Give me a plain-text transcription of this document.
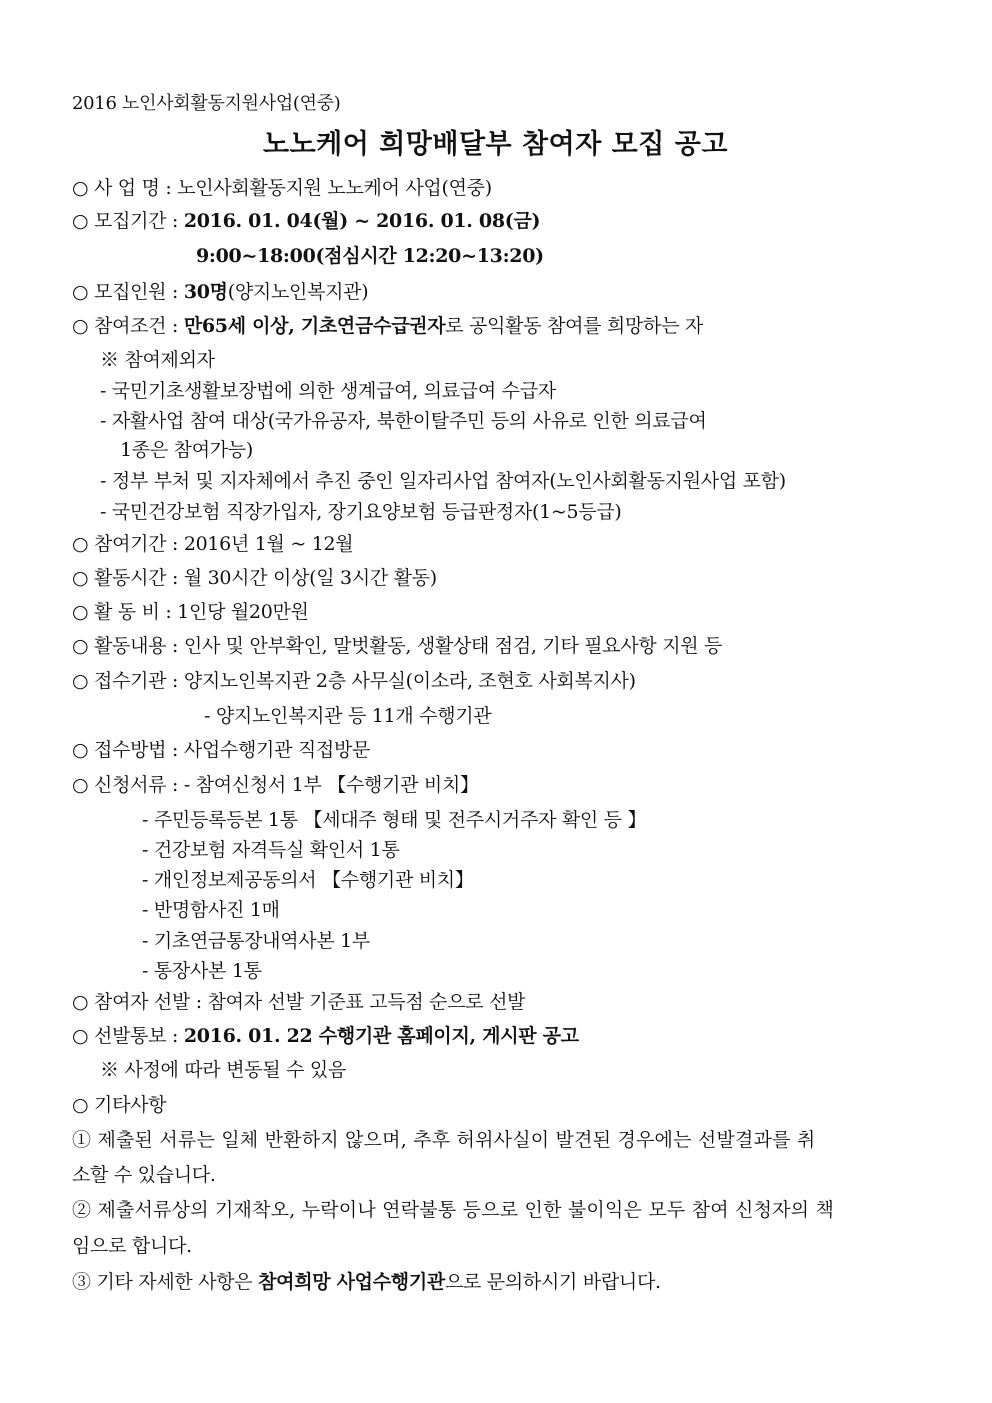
2016 노인사회활동지원사업(연중)
노노케어 희망배달부 참여자 모집 공고
○ 사 업 명 : 노인사회활동지원 노노케어 사업(연중)
○ 모집기간 : 2016. 01. 04(월) ~ 2016. 01. 08(금)
9:00~18:00(점심시간 12:20~13:20)
○ 모집인원 : 30명(양지노인복지관)
○ 참여조건 : 만65세 이상, 기초연금수급권자로 공익활동 참여를 희망하는 자
※ 참여제외자
- 국민기초생활보장법에 의한 생계급여, 의료급여 수급자
- 자활사업 참여 대상(국가유공자, 북한이탈주민 등의 사유로 인한 의료급여
1종은 참여가능)
- 정부 부처 및 지자체에서 추진 중인 일자리사업 참여자(노인사회활동지원사업 포함)
- 국민건강보험 직장가입자, 장기요양보험 등급판정자(1~5등급)
○ 참여기간 : 2016년 1월 ~ 12월
○ 활동시간 : 월 30시간 이상(일 3시간 활동)
○ 활 동 비 : 1인당 월20만원
○ 활동내용 : 인사 및 안부확인, 말벗활동, 생활상태 점검, 기타 필요사항 지원 등
○ 접수기관 : 양지노인복지관 2층 사무실(이소라, 조현호 사회복지사)
- 양지노인복지관 등 11개 수행기관
○ 접수방법 : 사업수행기관 직접방문
○ 신청서류 : - 참여신청서 1부 【수행기관 비치】
- 주민등록등본 1통 【세대주 형태 및 전주시거주자 확인 등 】
- 건강보험 자격득실 확인서 1통
- 개인정보제공동의서 【수행기관 비치】
- 반명함사진 1매
- 기초연금통장내역사본 1부
- 통장사본 1통
○ 참여자 선발 : 참여자 선발 기준표 고득점 순으로 선발
○ 선발통보 : 2016. 01. 22 수행기관 홈페이지, 게시판 공고
※ 사정에 따라 변동될 수 있음
○ 기타사항
① 제출된 서류는 일체 반환하지 않으며, 추후 허위사실이 발견된 경우에는 선발결과를 취
소할 수 있습니다.
② 제출서류상의 기재착오, 누락이나 연락불통 등으로 인한 불이익은 모두 참여 신청자의 책
임으로 합니다.
③ 기타 자세한 사항은 참여희망 사업수행기관으로 문의하시기 바랍니다.
